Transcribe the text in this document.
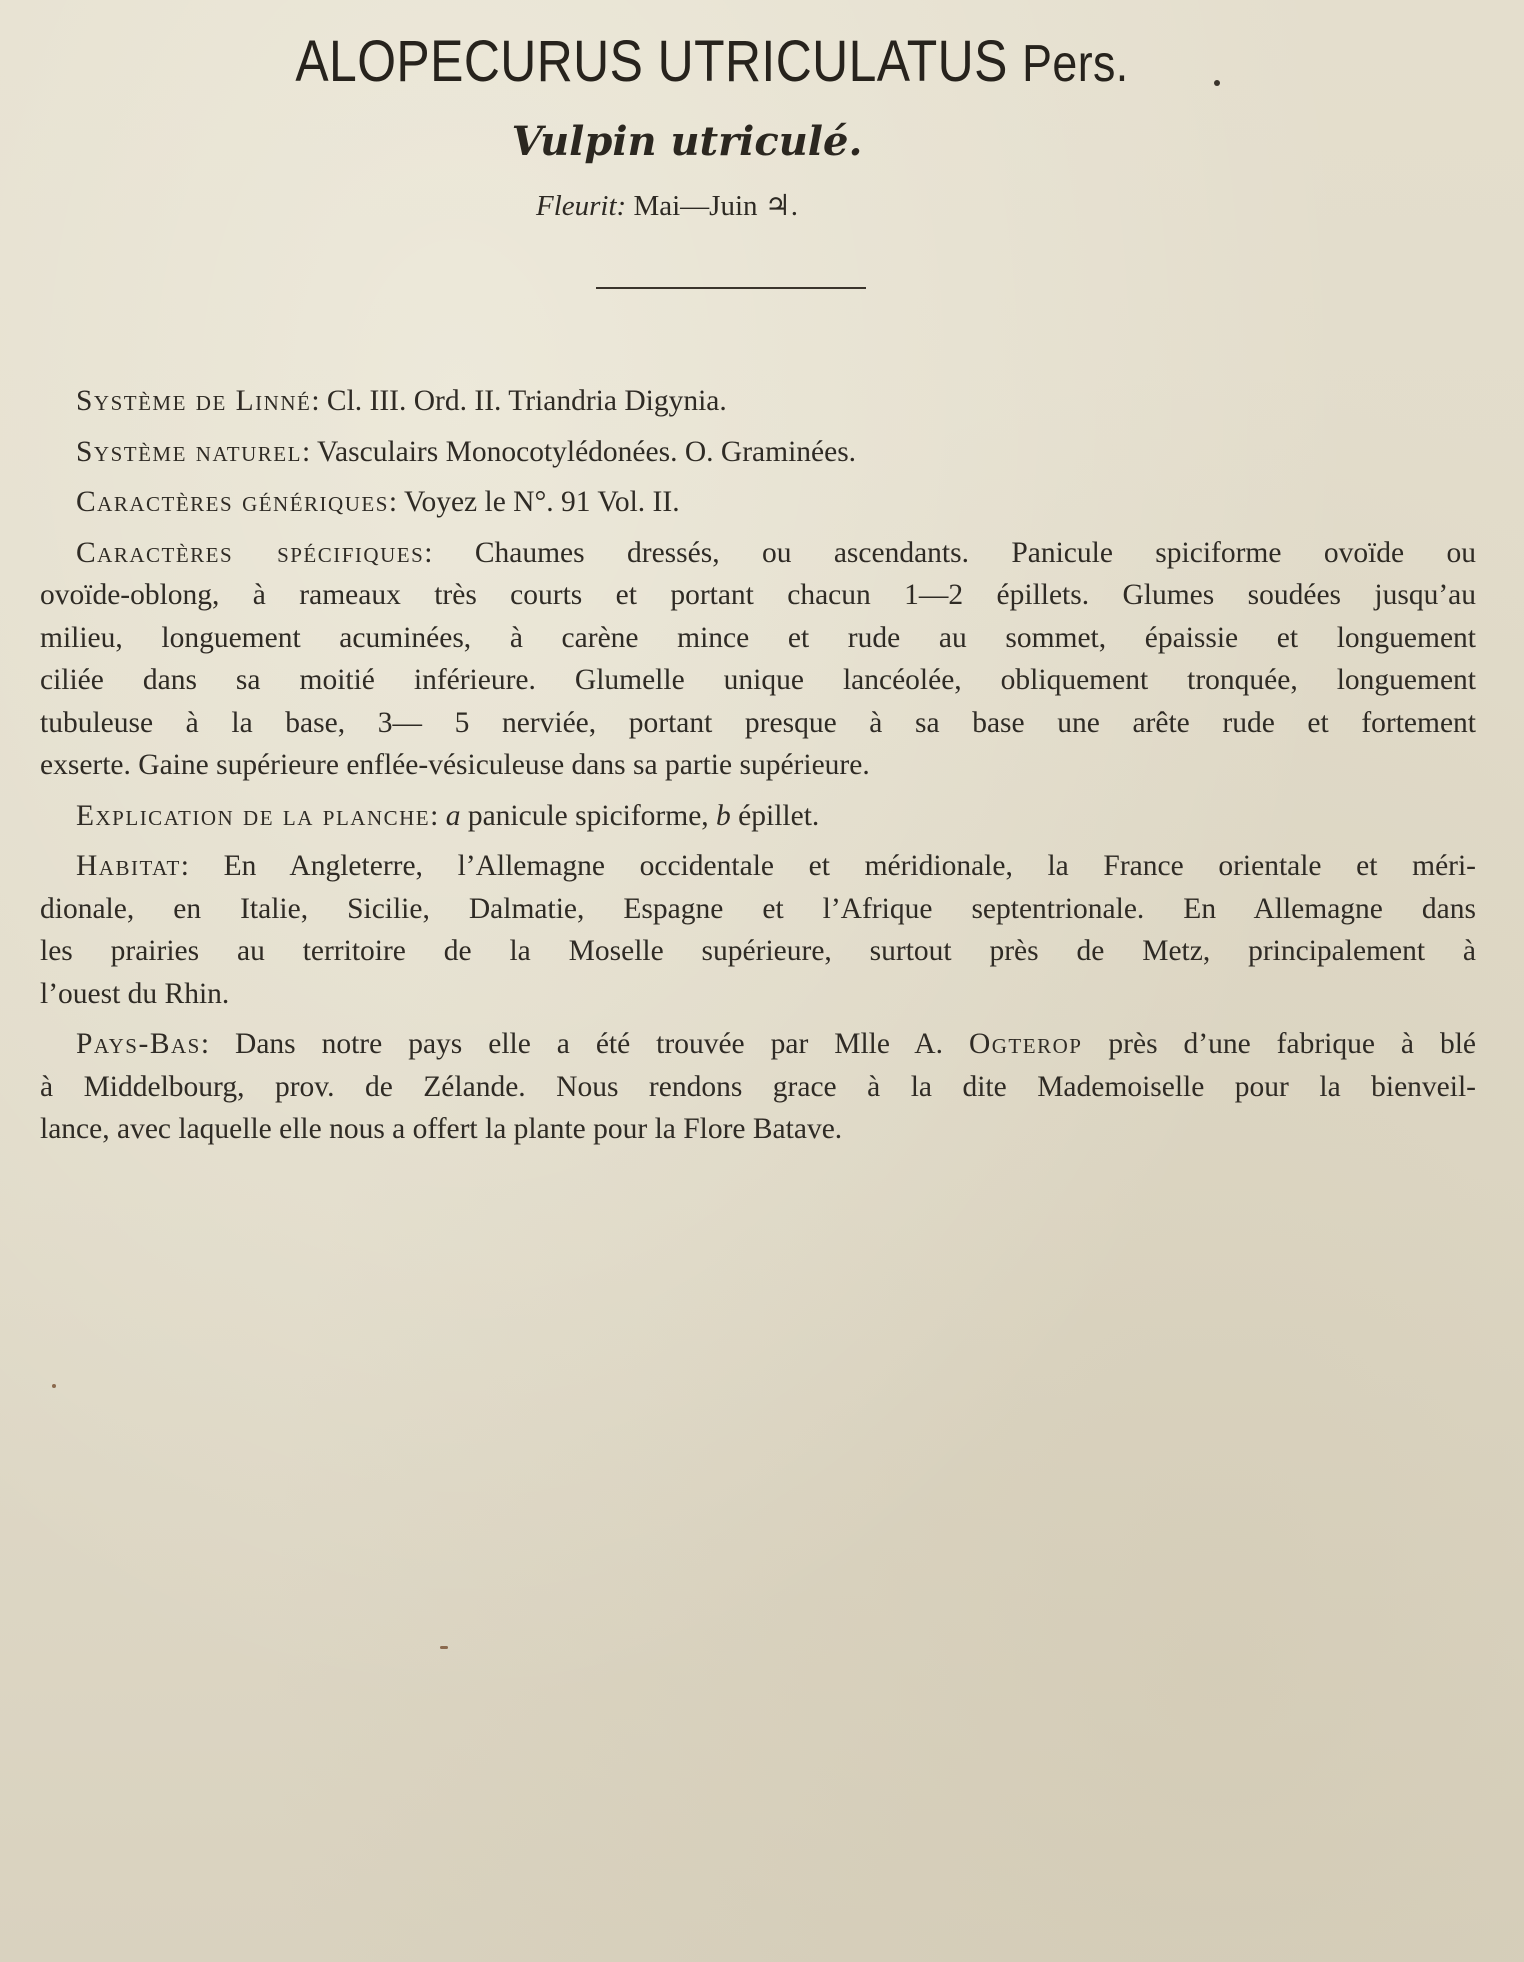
ALOPECURUS UTRICULATUS Pers.
Vulpin utriculé.
Fleurit: Mai—Juin ♃.

Système de Linné: Cl. III. Ord. II. Triandria Digynia.

Système naturel: Vasculairs Monocotylédonées. O. Graminées.

Caractères génériques: Voyez le N°. 91 Vol. II.

Caractères spécifiques: Chaumes dressés, ou ascendants. Panicule spiciforme ovoïde ou
ovoïde-oblong, à rameaux très courts et portant chacun 1—2 épillets. Glumes soudées jusqu’au
milieu, longuement acuminées, à carène mince et rude au sommet, épaissie et longuement
ciliée dans sa moitié inférieure. Glumelle unique lancéolée, obliquement tronquée, longuement
tubuleuse à la base, 3— 5 nerviée, portant presque à sa base une arête rude et fortement
exserte. Gaine supérieure enflée-vésiculeuse dans sa partie supérieure.

Explication de la planche: a panicule spiciforme, b épillet.

Habitat: En Angleterre, l’Allemagne occidentale et méridionale, la France orientale et méri-
dionale, en Italie, Sicilie, Dalmatie, Espagne et l’Afrique septentrionale. En Allemagne dans
les prairies au territoire de la Moselle supérieure, surtout près de Metz, principalement à
l’ouest du Rhin.
Pays-Bas: Dans notre pays elle a été trouvée par Mlle A. Ogterop près d’une fabrique à blé
à Middelbourg, prov. de Zélande. Nous rendons grace à la dite Mademoiselle pour la bienveil-
lance, avec laquelle elle nous a offert la plante pour la Flore Batave.
